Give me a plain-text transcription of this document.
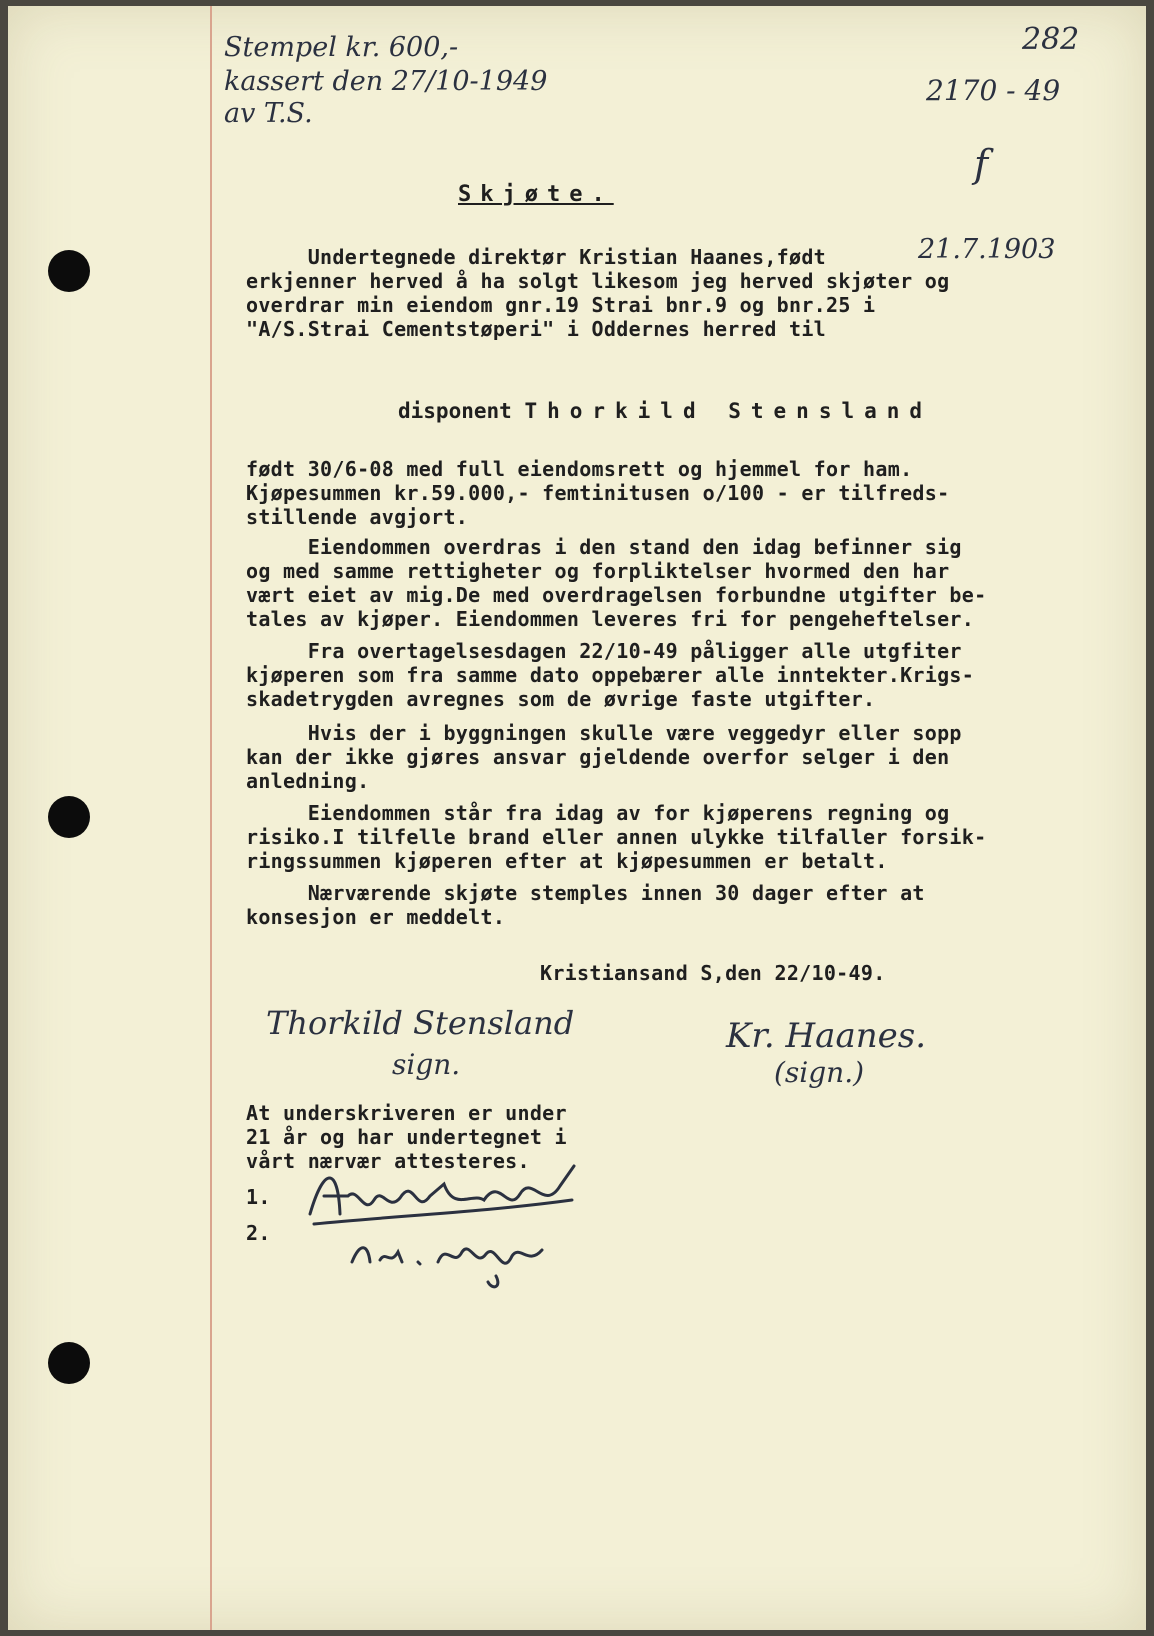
Stempel kr. 600,-
kassert den 27/10-1949
av T.S.
282
2170 - 49
f
21.7.1903
Skjøte.
Undertegnede direktør Kristian Haanes,født
erkjenner herved å ha solgt likesom jeg herved skjøter og
overdrar min eiendom gnr.19 Strai bnr.9 og bnr.25 i
"A/S.Strai Cementstøperi" i Oddernes herred til
disponent Thorkild Stensland
født 30/6-08 med full eiendomsrett og hjemmel for ham.
Kjøpesummen kr.59.000,- femtinitusen o/100 - er tilfreds-
stillende avgjort.
Eiendommen overdras i den stand den idag befinner sig
og med samme rettigheter og forpliktelser hvormed den har
vært eiet av mig.De med overdragelsen forbundne utgifter be-
tales av kjøper. Eiendommen leveres fri for pengeheftelser.
Fra overtagelsesdagen 22/10-49 påligger alle utgfiter
kjøperen som fra samme dato oppebærer alle inntekter.Krigs-
skadetrygden avregnes som de øvrige faste utgifter.
Hvis der i byggningen skulle være veggedyr eller sopp
kan der ikke gjøres ansvar gjeldende overfor selger i den
anledning.
Eiendommen står fra idag av for kjøperens regning og
risiko.I tilfelle brand eller annen ulykke tilfaller forsik-
ringssummen kjøperen efter at kjøpesummen er betalt.
Nærværende skjøte stemples innen 30 dager efter at
konsesjon er meddelt.
Kristiansand S,den 22/10-49.
Thorkild Stensland
sign.
Kr. Haanes.
(sign.)
At underskriveren er under
21 år og har undertegnet i
vårt nærvær attesteres.
1.
2.
